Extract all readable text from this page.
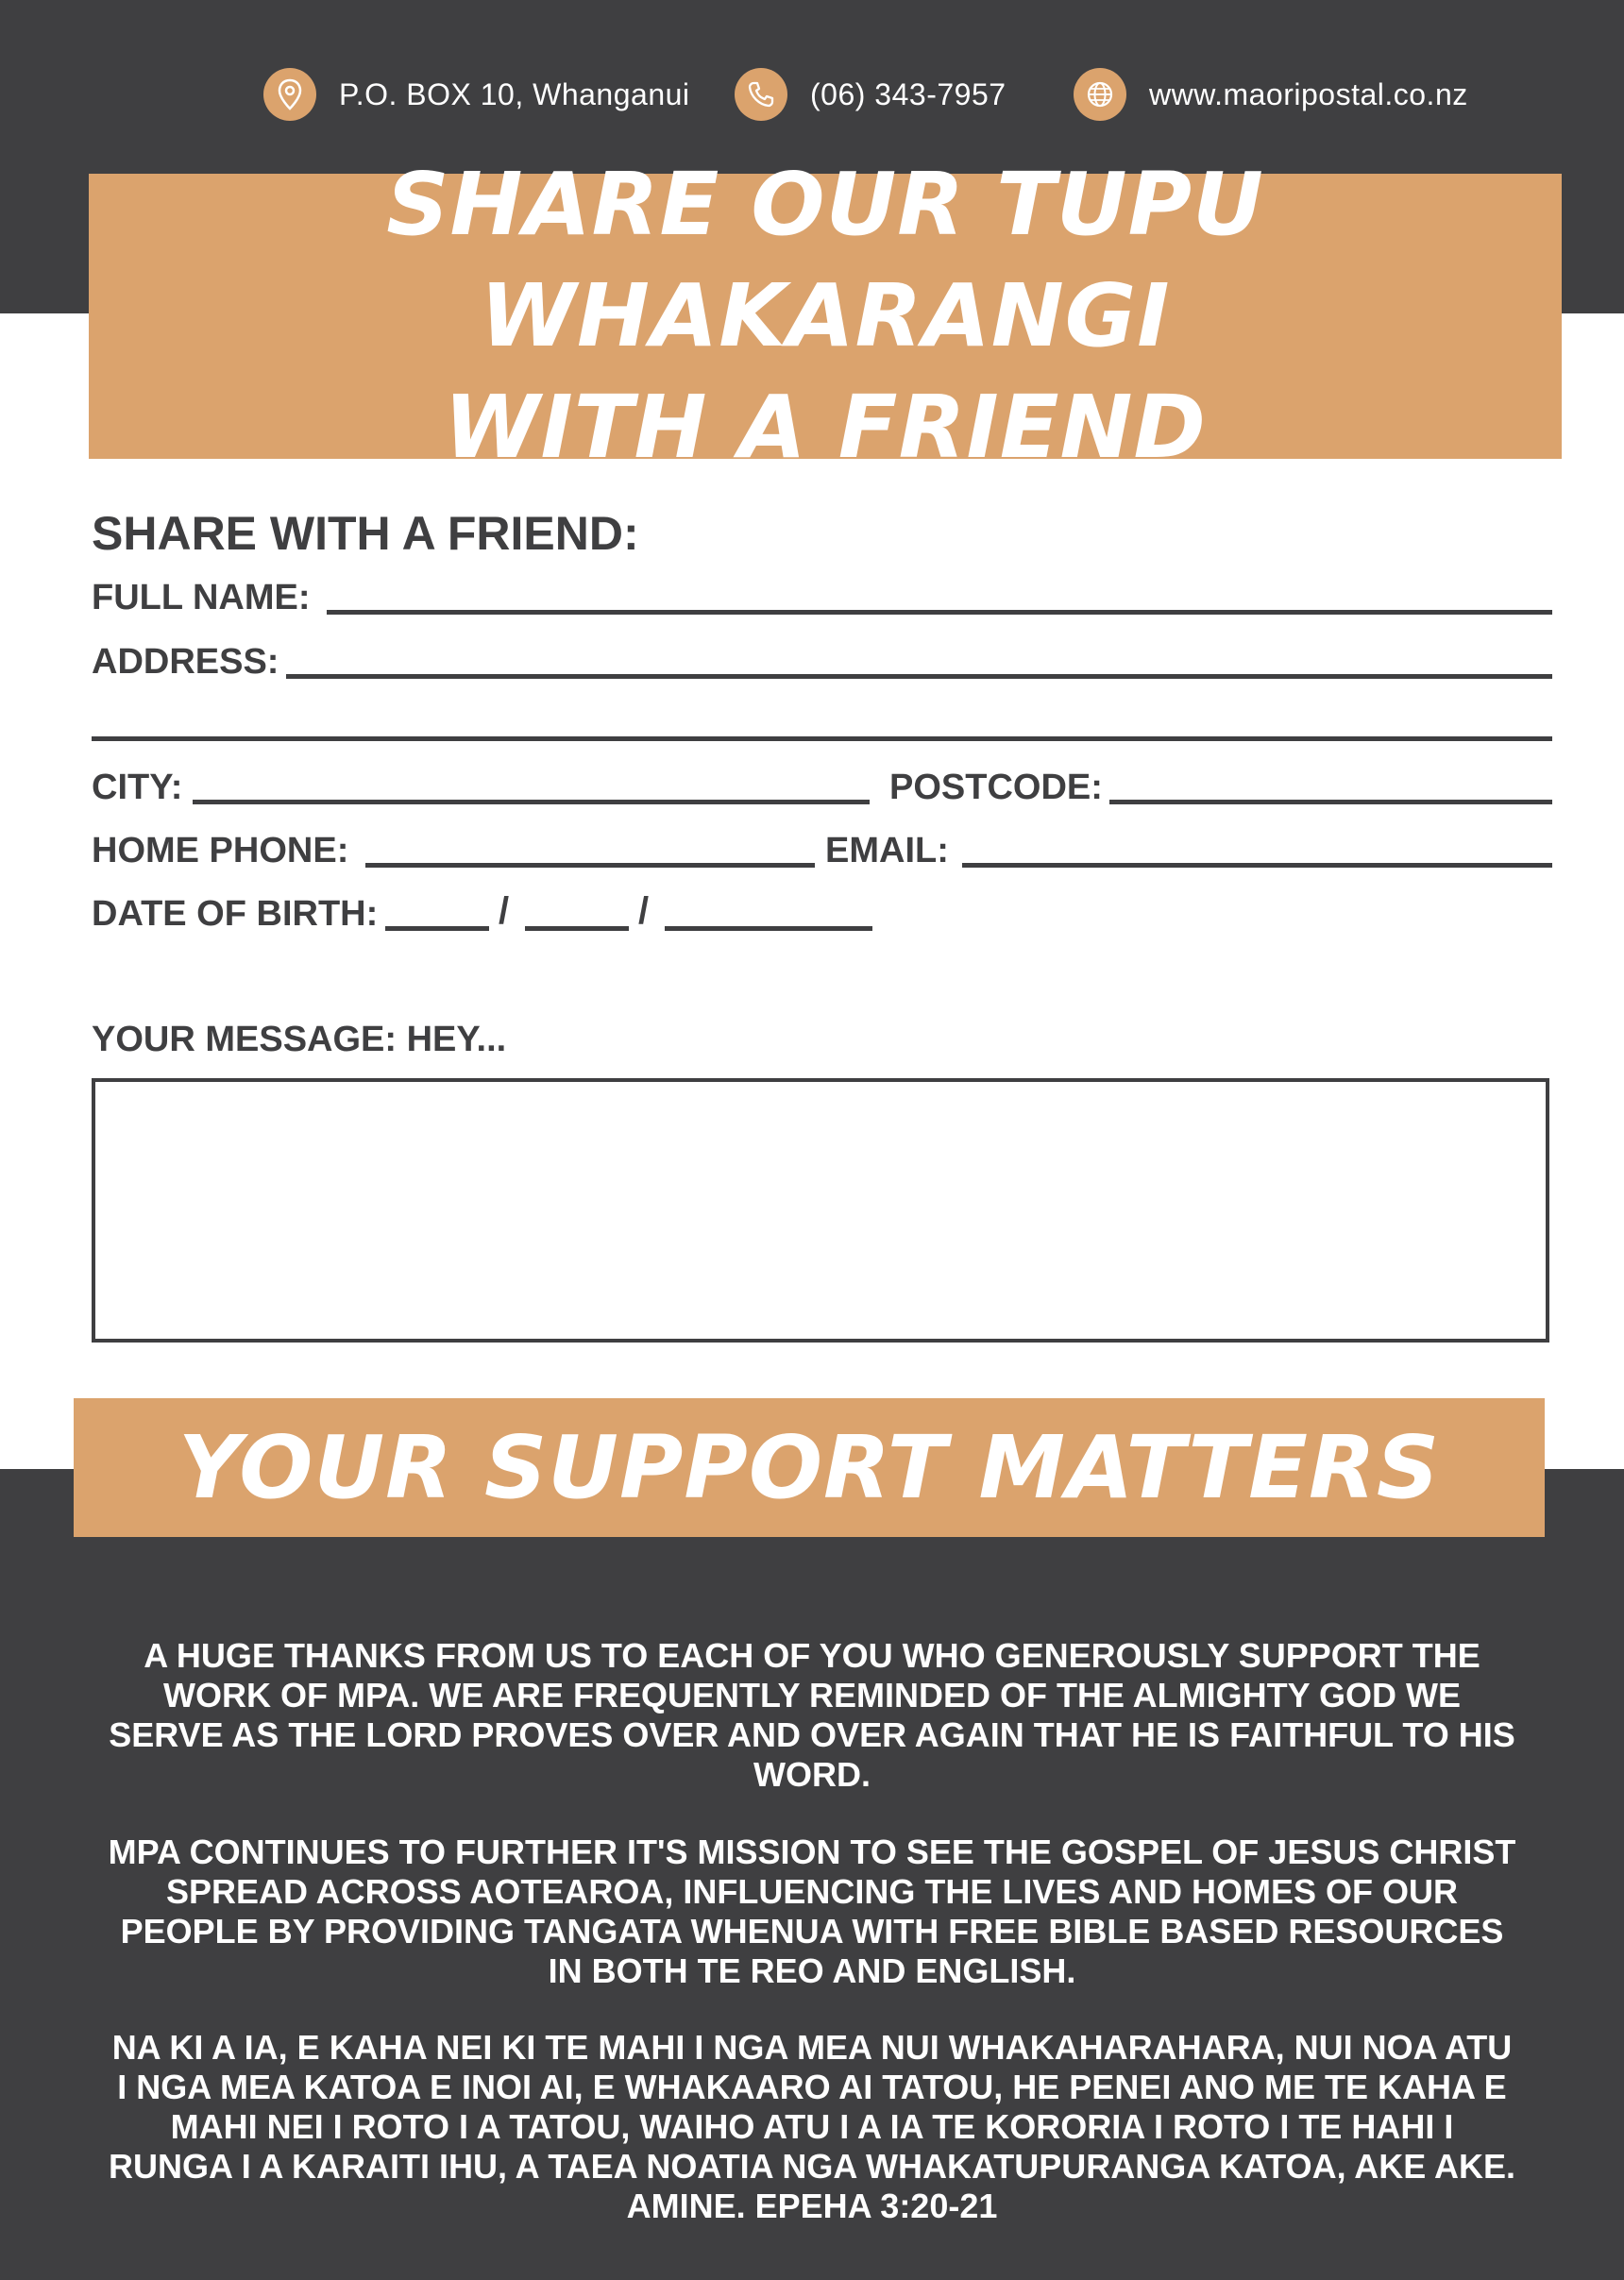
P.O. BOX 10, Whanganui	(06) 343-7957	www.maoripostal.co.nz
SHARE OUR TUPU WHAKARANGI
WITH A FRIEND
SHARE WITH A FRIEND:
FULL NAME:
ADDRESS:
CITY:	POSTCODE:
HOME PHONE:	EMAIL:
DATE OF BIRTH:	/	/
YOUR MESSAGE: HEY...
YOUR SUPPORT MATTERS
A HUGE THANKS FROM US TO EACH OF YOU WHO GENEROUSLY SUPPORT THE WORK OF MPA. WE ARE FREQUENTLY REMINDED OF THE ALMIGHTY GOD WE SERVE AS THE LORD PROVES OVER AND OVER AGAIN THAT HE IS FAITHFUL TO HIS WORD.
MPA CONTINUES TO FURTHER IT'S MISSION TO SEE THE GOSPEL OF JESUS CHRIST SPREAD ACROSS AOTEAROA, INFLUENCING THE LIVES AND HOMES OF OUR PEOPLE BY PROVIDING TANGATA WHENUA WITH FREE BIBLE BASED RESOURCES IN BOTH TE REO AND ENGLISH.
NA KI A IA, E KAHA NEI KI TE MAHI I NGA MEA NUI WHAKAHARAHARA, NUI NOA ATU I NGA MEA KATOA E INOI AI, E WHAKAARO AI TATOU, HE PENEI ANO ME TE KAHA E MAHI NEI I ROTO I A TATOU, WAIHO ATU I A IA TE KORORIA I ROTO I TE HAHI I RUNGA I A KARAITI IHU, A TAEA NOATIA NGA WHAKATUPURANGA KATOA, AKE AKE. AMINE. EPEHA 3:20-21
